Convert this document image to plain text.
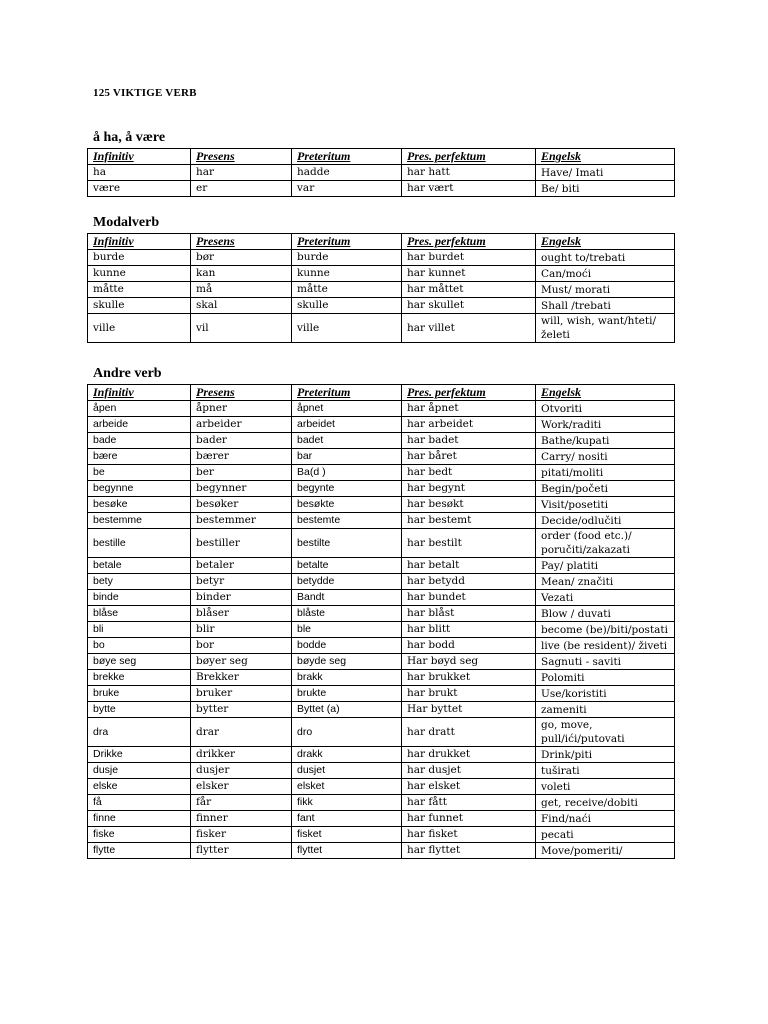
125 VIKTIGE VERB
å ha, å være
Infinitiv	Presens	Preteritum	Pres. perfektum	Engelsk
ha	har	hadde	har hatt	Have/ Imati
være	er	var	har vært	Be/ biti
Modalverb
Infinitiv	Presens	Preteritum	Pres. perfektum	Engelsk
burde	bør	burde	har burdet	ought to/trebati
kunne	kan	kunne	har kunnet	Can/moći
måtte	må	måtte	har måttet	Must/ morati
skulle	skal	skulle	har skullet	Shall /trebati
ville	vil	ville	har villet	will, wish, want/hteti/želeti
Andre verb
Infinitiv	Presens	Preteritum	Pres. perfektum	Engelsk
åpen	åpner	åpnet	har åpnet	Otvoriti
arbeide	arbeider	arbeidet	har arbeidet	Work/raditi
bade	bader	badet	har badet	Bathe/kupati
bære	bærer	bar	har båret	Carry/ nositi
be	ber	Ba(d )	har bedt	pitati/moliti
begynne	begynner	begynte	har begynt	Begin/početi
besøke	besøker	besøkte	har besøkt	Visit/posetiti
bestemme	bestemmer	bestemte	har bestemt	Decide/odlučiti
bestille	bestiller	bestilte	har bestilt	order (food etc.)/ poručiti/zakazati
betale	betaler	betalte	har betalt	Pay/ platiti
bety	betyr	betydde	har betydd	Mean/ značiti
binde	binder	Bandt	har bundet	Vezati
blåse	blåser	blåste	har blåst	Blow / duvati
bli	blir	ble	har blitt	become (be)/biti/postati
bo	bor	bodde	har bodd	live (be resident)/ živeti
bøye seg	bøyer seg	bøyde seg	Har bøyd seg	Sagnuti - saviti
brekke	Brekker	brakk	har brukket	Polomiti
bruke	bruker	brukte	har brukt	Use/koristiti
bytte	bytter	Byttet (a)	Har byttet	zameniti
dra	drar	dro	har dratt	go, move, pull/ići/putovati
Drikke	drikker	drakk	har drukket	Drink/piti
dusje	dusjer	dusjet	har dusjet	tuširati
elske	elsker	elsket	har elsket	voleti
få	får	fikk	har fått	get, receive/dobiti
finne	finner	fant	har funnet	Find/naći
fiske	fisker	fisket	har fisket	pecati
flytte	flytter	flyttet	har flyttet	Move/pomeriti/
